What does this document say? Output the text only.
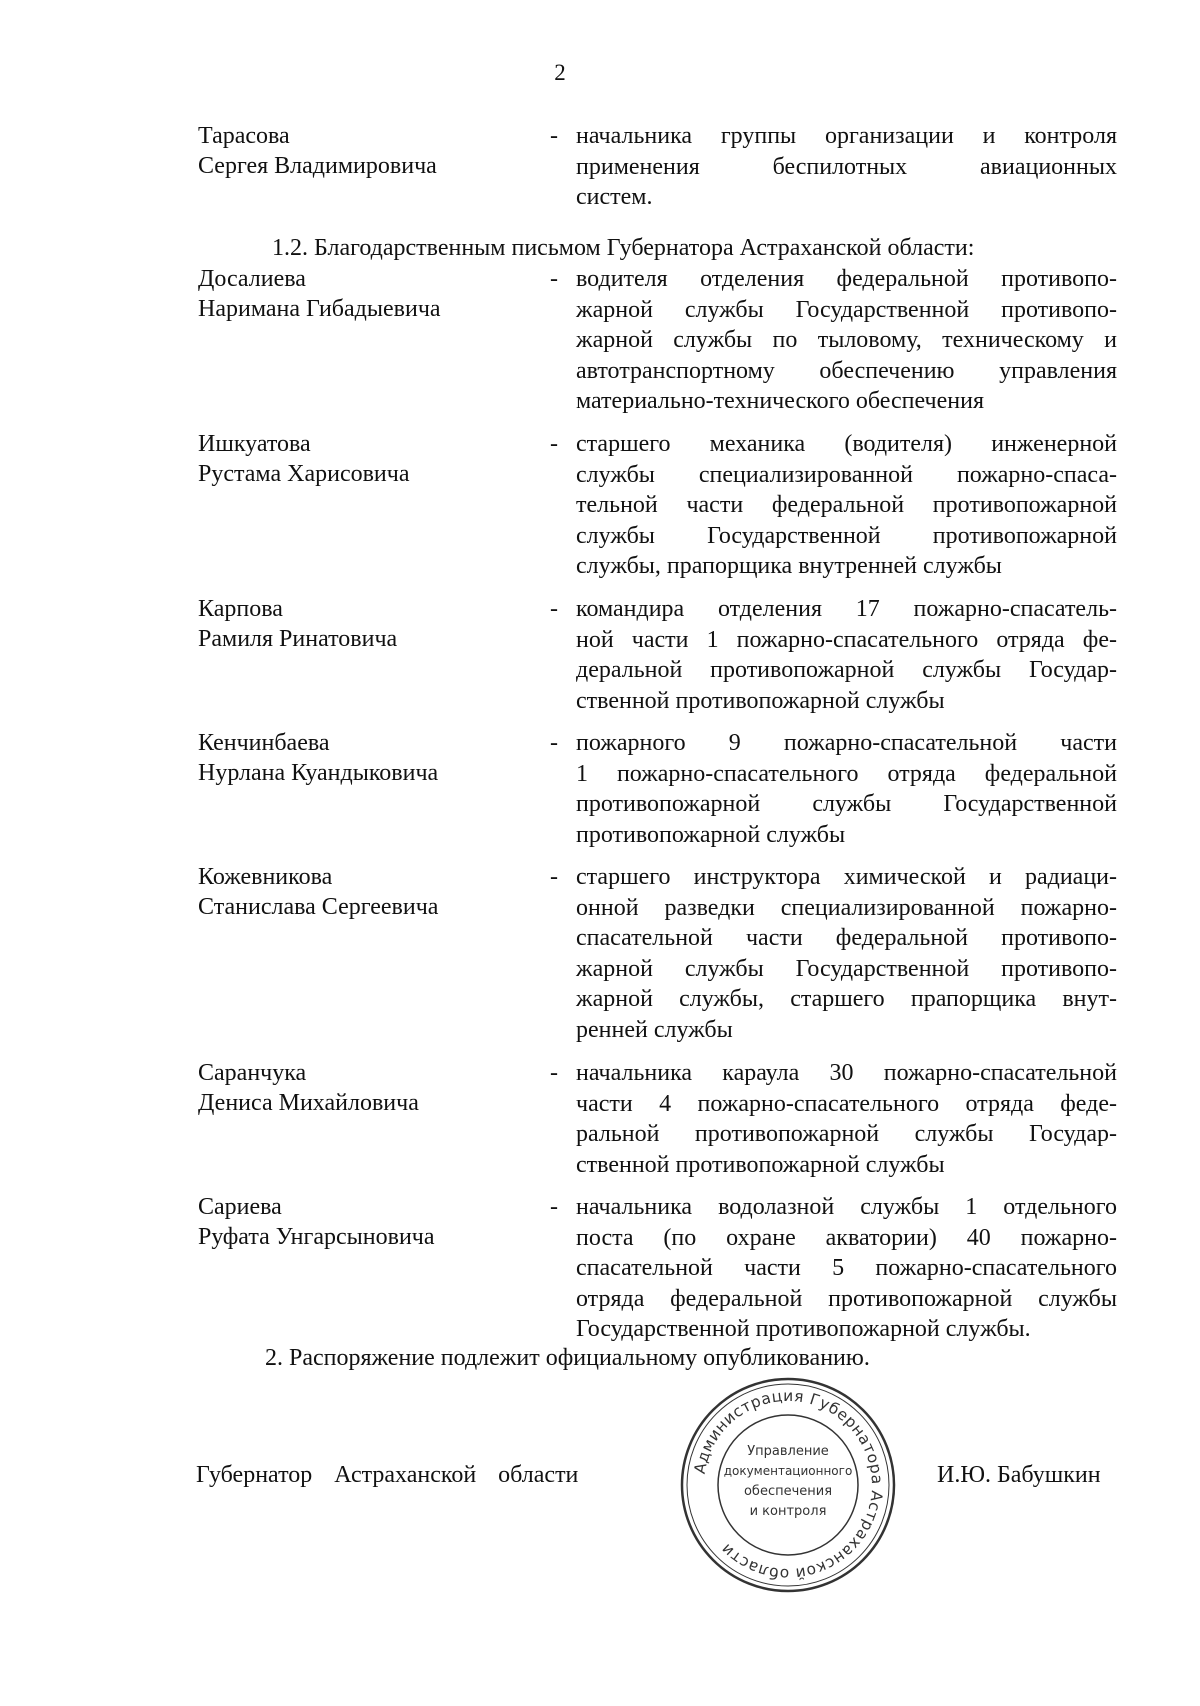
2
Тарасова
Сергея Владимировича
- начальника группы организации и контроля
применения беспилотных авиационных
систем.
1.2. Благодарственным письмом Губернатора Астраханской области:
Досалиева
Наримана Гибадыевича
- водителя отделения федеральной противопо-
жарной службы Государственной противопо-
жарной службы по тыловому, техническому и
автотранспортному обеспечению управления
материально-технического обеспечения
Ишкуатова
Рустама Харисовича
- старшего механика (водителя) инженерной
службы специализированной пожарно-спаса-
тельной части федеральной противопожарной
службы Государственной противопожарной
службы, прапорщика внутренней службы
Карпова
Рамиля Ринатовича
- командира отделения 17 пожарно-спасатель-
ной части 1 пожарно-спасательного отряда фе-
деральной противопожарной службы Государ-
ственной противопожарной службы
Кенчинбаева
Нурлана Куандыковича
- пожарного 9 пожарно-спасательной части
1 пожарно-спасательного отряда федеральной
противопожарной службы Государственной
противопожарной службы
Кожевникова
Станислава Сергеевича
- старшего инструктора химической и радиаци-
онной разведки специализированной пожарно-
спасательной части федеральной противопо-
жарной службы Государственной противопо-
жарной службы, старшего прапорщика внут-
ренней службы
Саранчука
Дениса Михайловича
- начальника караула 30 пожарно-спасательной
части 4 пожарно-спасательного отряда феде-
ральной противопожарной службы Государ-
ственной противопожарной службы
Сариева
Руфата Унгарсыновича
- начальника водолазной службы 1 отдельного
поста (по охране акватории) 40 пожарно-
спасательной части 5 пожарно-спасательного
отряда федеральной противопожарной службы
Государственной противопожарной службы.
2. Распоряжение подлежит официальному опубликованию.
Губернатор Астраханской области	Администрация Губернатора Астраханской области
Управление
документационного
обеспечения
и контроля
И.Ю. Бабушкин
